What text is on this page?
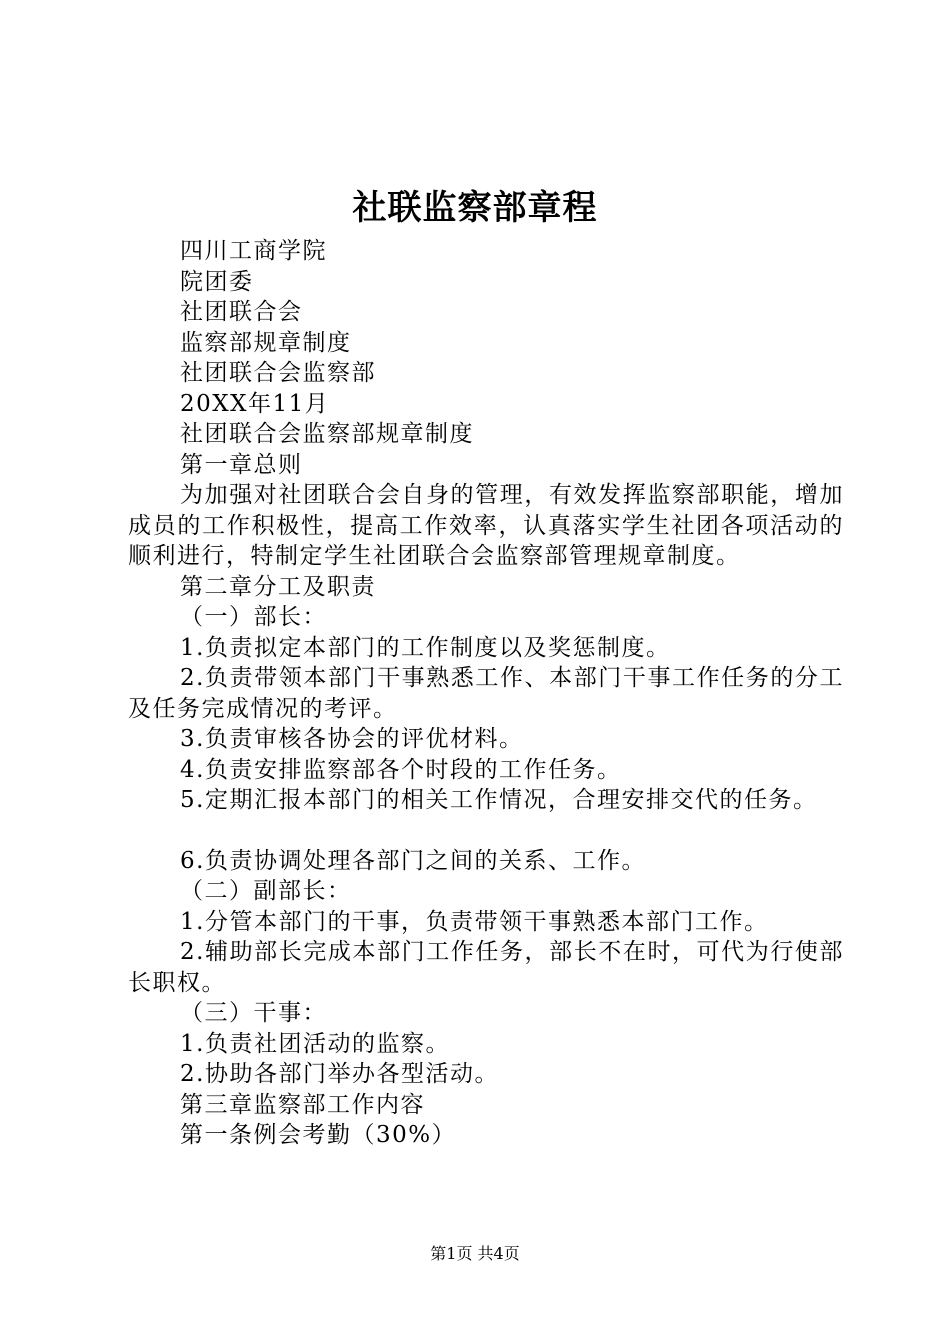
社联监察部章程

四川工商学院

院团委

社团联合会

监察部规章制度

社团联合会监察部

20XX年11月

社团联合会监察部规章制度

第一章总则

为加强对社团联合会自身的管理，有效发挥监察部职能，增加成员的工作积极性，提高工作效率，认真落实学生社团各项活动的顺利进行，特制定学生社团联合会监察部管理规章制度。

第二章分工及职责

（一）部长：

1.负责拟定本部门的工作制度以及奖惩制度。

2.负责带领本部门干事熟悉工作、本部门干事工作任务的分工及任务完成情况的考评。

3.负责审核各协会的评优材料。

4.负责安排监察部各个时段的工作任务。

5.定期汇报本部门的相关工作情况，合理安排交代的任务。

6.负责协调处理各部门之间的关系、工作。

（二）副部长：

1.分管本部门的干事，负责带领干事熟悉本部门工作。

2.辅助部长完成本部门工作任务，部长不在时，可代为行使部长职权。

（三）干事：

1.负责社团活动的监察。

2.协助各部门举办各型活动。

第三章监察部工作内容

第一条例会考勤（30%）

第1页 共4页
